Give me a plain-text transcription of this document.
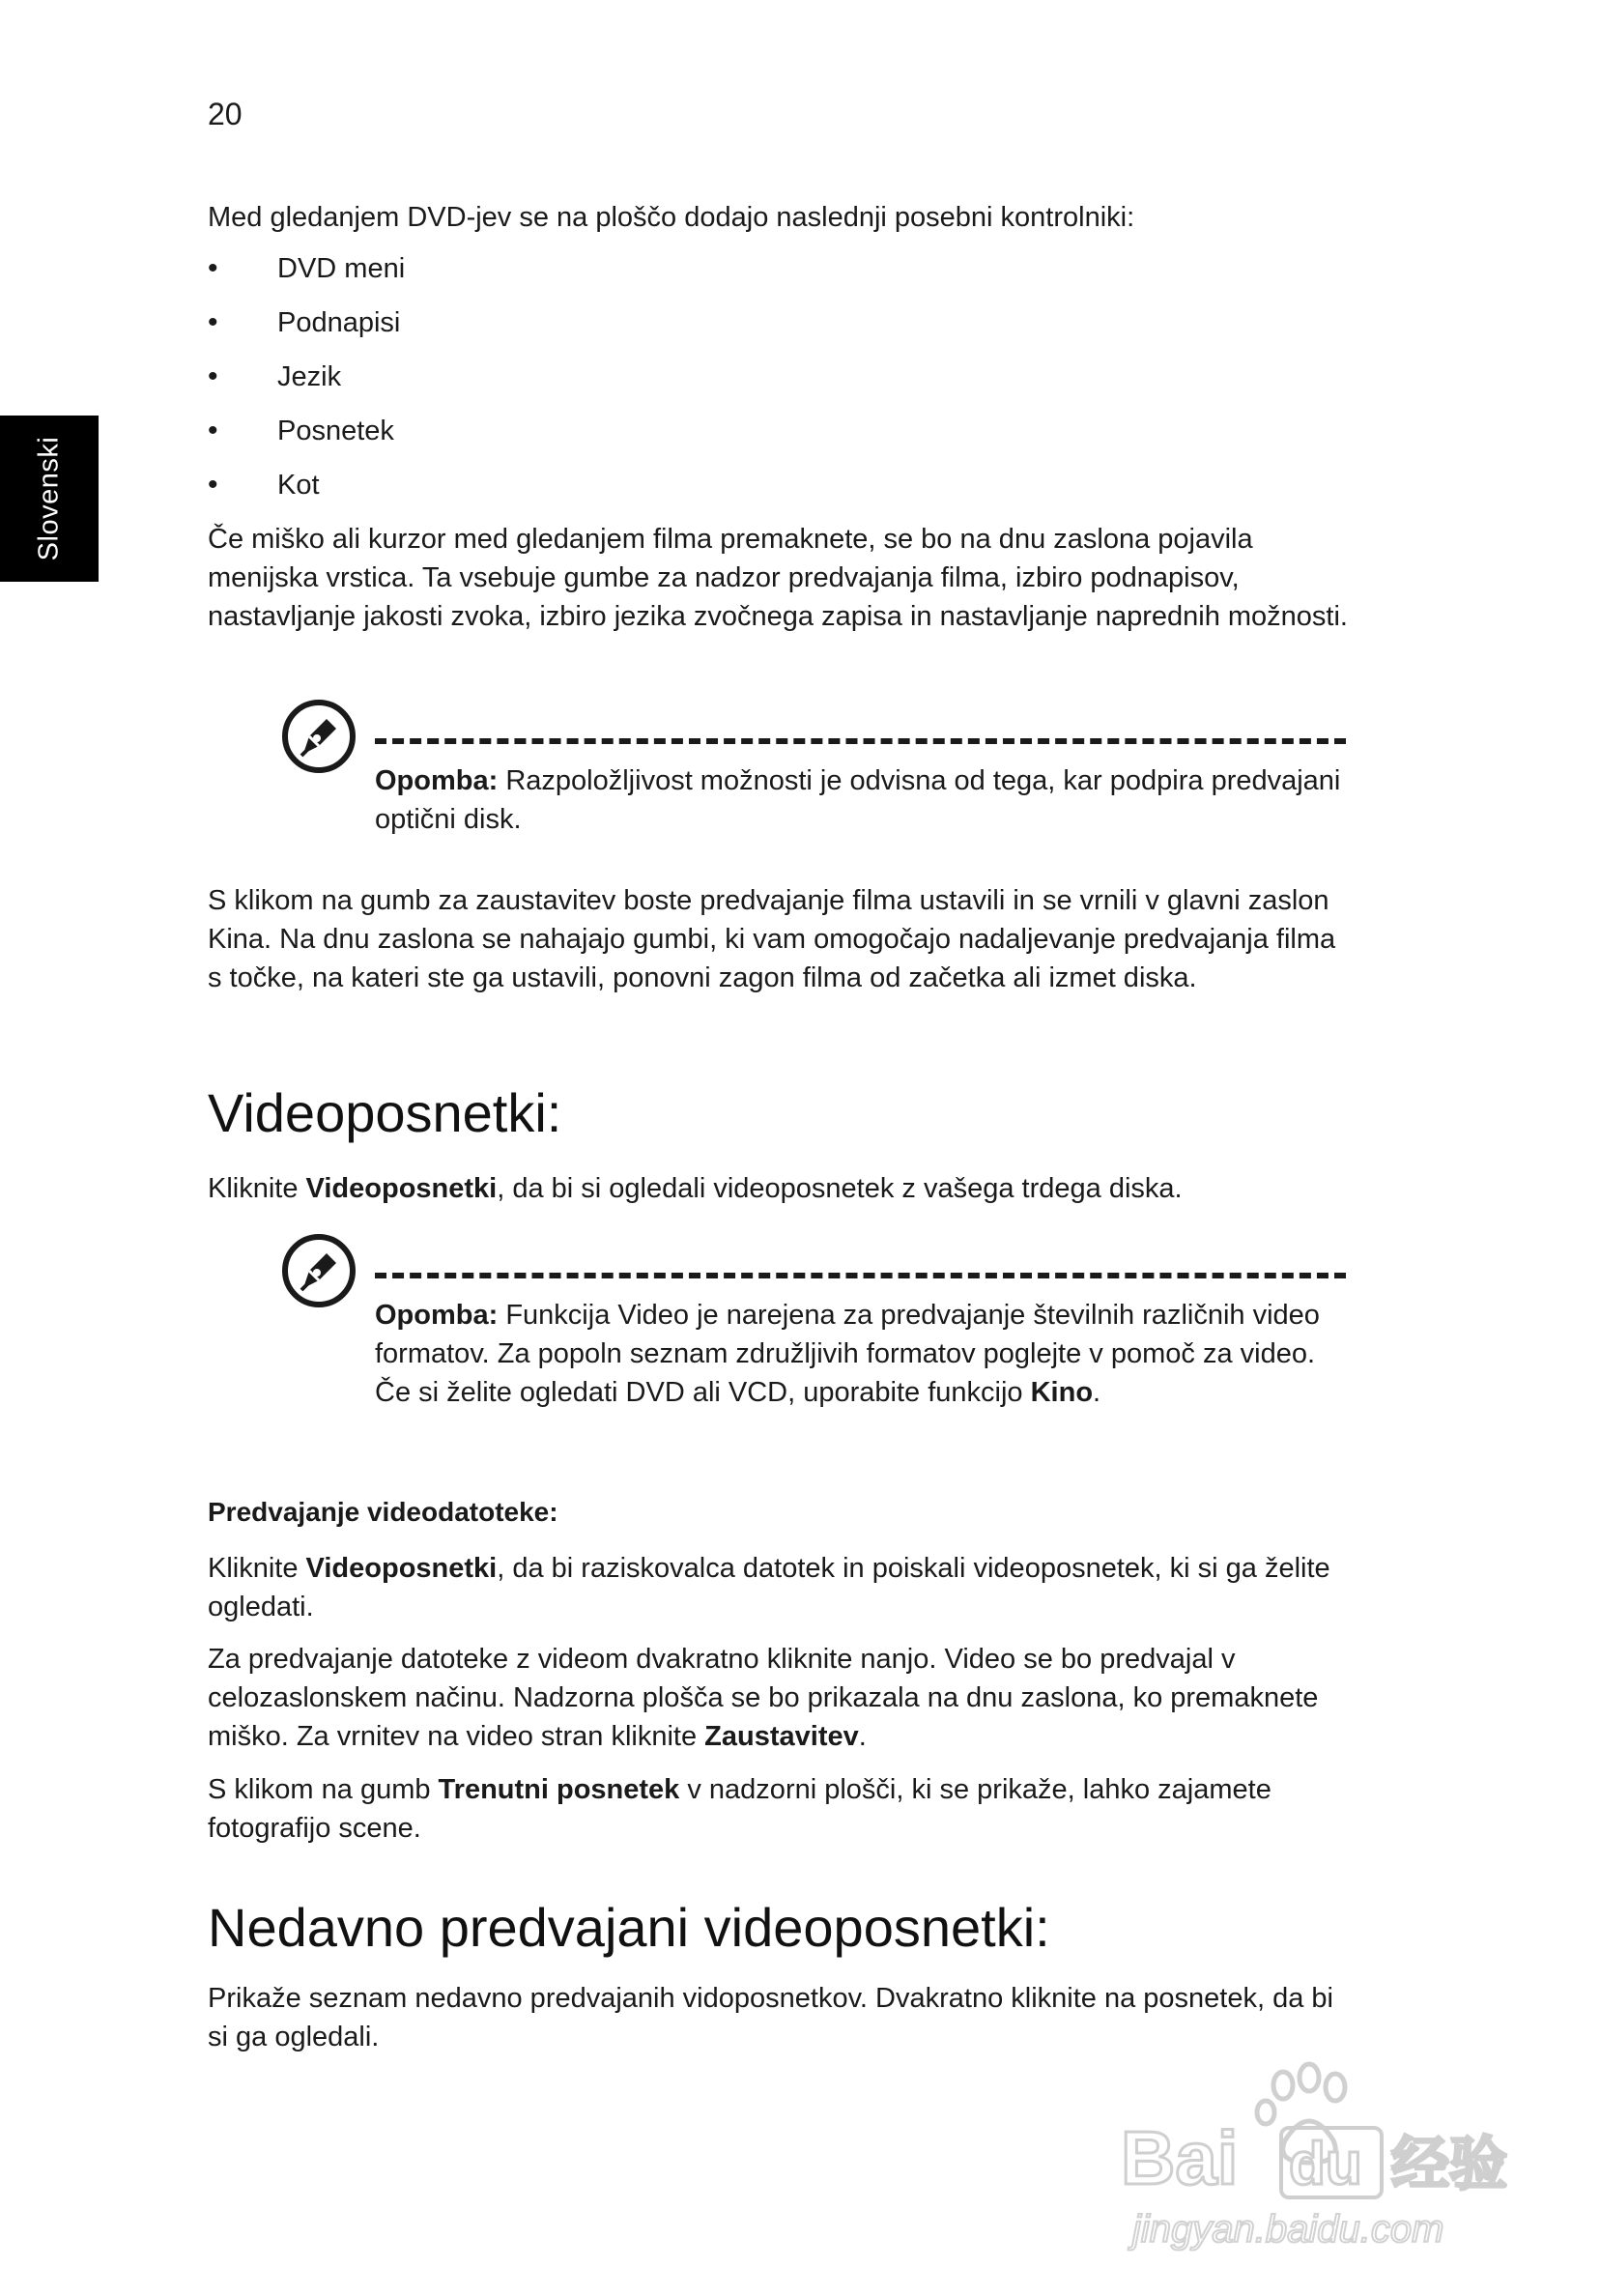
20
Slovenski
Med gledanjem DVD-jev se na ploščo dodajo naslednji posebni kontrolniki:
• DVD meni
• Podnapisi
• Jezik
• Posnetek
• Kot
Če miško ali kurzor med gledanjem filma premaknete, se bo na dnu zaslona pojavila menijska vrstica. Ta vsebuje gumbe za nadzor predvajanja filma, izbiro podnapisov, nastavljanje jakosti zvoka, izbiro jezika zvočnega zapisa in nastavljanje naprednih možnosti.
Opomba: Razpoložljivost možnosti je odvisna od tega, kar podpira predvajani optični disk.
S klikom na gumb za zaustavitev boste predvajanje filma ustavili in se vrnili v glavni zaslon Kina. Na dnu zaslona se nahajajo gumbi, ki vam omogočajo nadaljevanje predvajanja filma s točke, na kateri ste ga ustavili, ponovni zagon filma od začetka ali izmet diska.
Videoposnetki:
Kliknite Videoposnetki, da bi si ogledali videoposnetek z vašega trdega diska.
Opomba: Funkcija Video je narejena za predvajanje številnih različnih video formatov. Za popoln seznam združljivih formatov poglejte v pomoč za video. Če si želite ogledati DVD ali VCD, uporabite funkcijo Kino.
Predvajanje videodatoteke:
Kliknite Videoposnetki, da bi raziskovalca datotek in poiskali videoposnetek, ki si ga želite ogledati.
Za predvajanje datoteke z videom dvakratno kliknite nanjo. Video se bo predvajal v celozaslonskem načinu. Nadzorna plošča se bo prikazala na dnu zaslona, ko premaknete miško. Za vrnitev na video stran kliknite Zaustavitev.
S klikom na gumb Trenutni posnetek v nadzorni plošči, ki se prikaže, lahko zajamete fotografijo scene.
Nedavno predvajani videoposnetki:
Prikaže seznam nedavno predvajanih vidoposnetkov. Dvakratno kliknite na posnetek, da bi si ga ogledali.
Bai du 经验
jingyan.baidu.com
